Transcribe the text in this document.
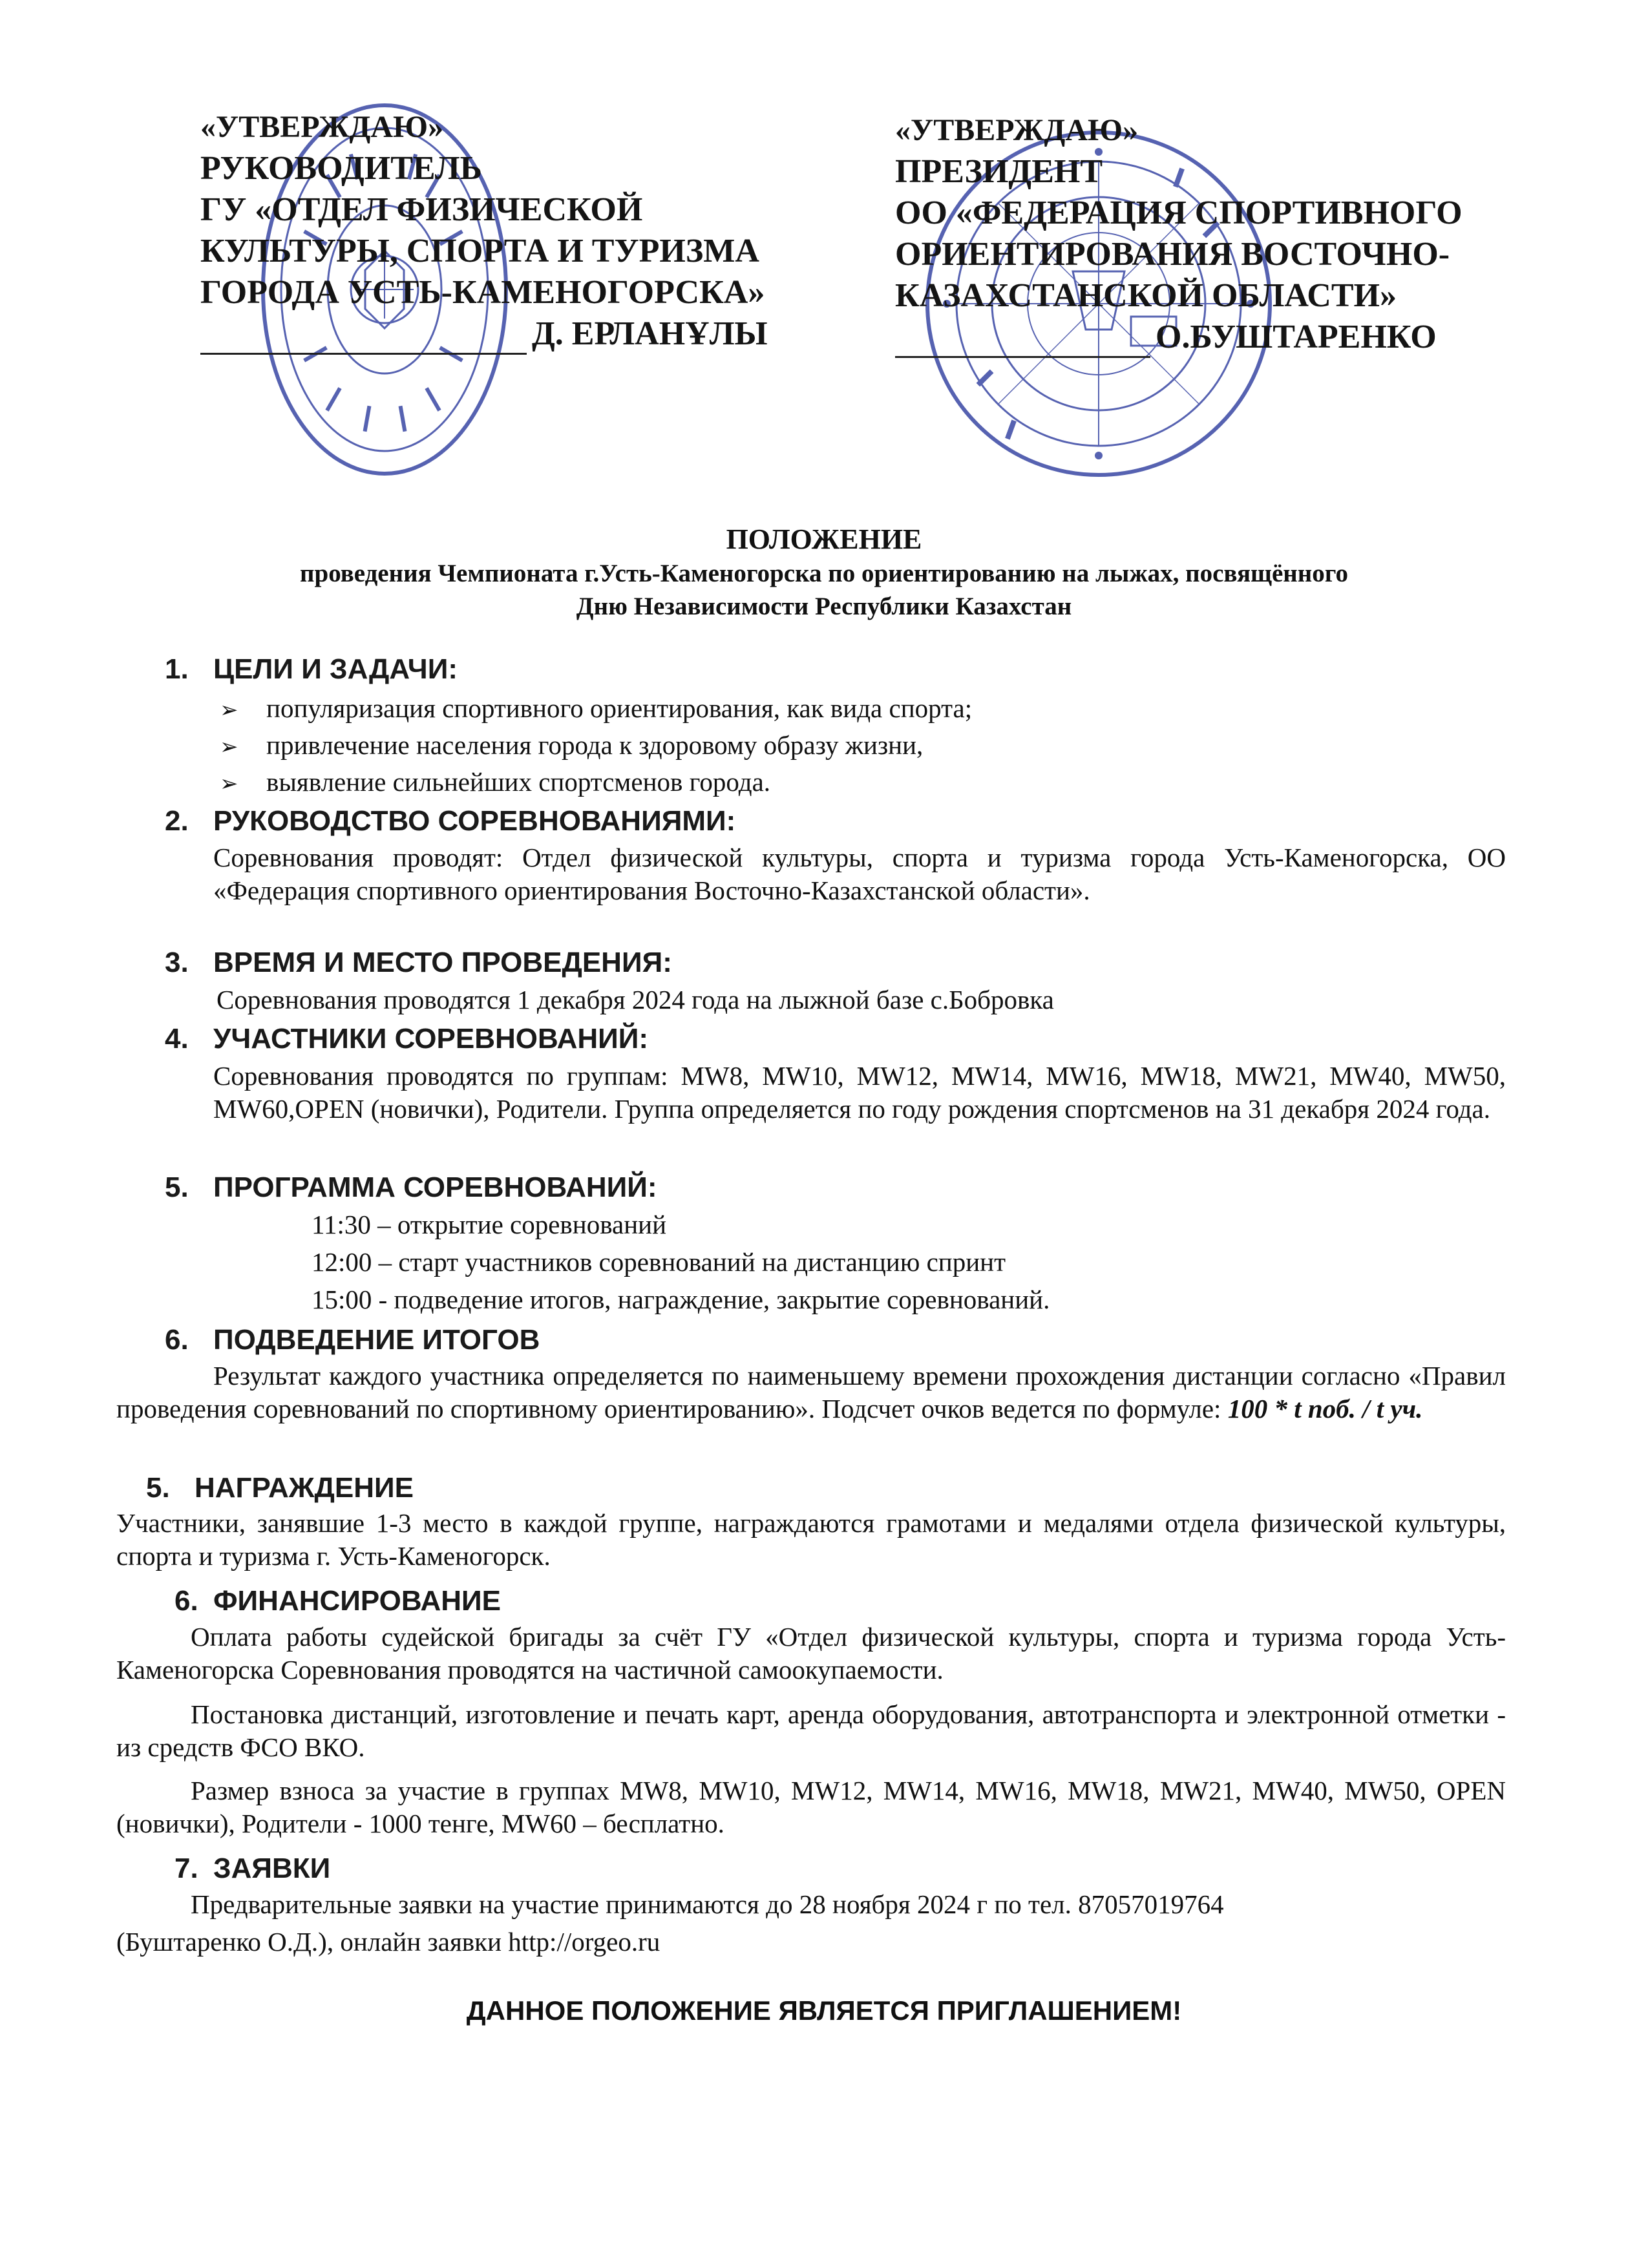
«УТВЕРЖДАЮ»
РУКОВОДИТЕЛЬ
ГУ «ОТДЕЛ ФИЗИЧЕСКОЙ
КУЛЬТУРЫ, СПОРТА И ТУРИЗМА
ГОРОДА УСТЬ-КАМЕНОГОРСКА»
Д. ЕРЛАНҰЛЫ
«УТВЕРЖДАЮ»
ПРЕЗИДЕНТ
ОО «ФЕДЕРАЦИЯ СПОРТИВНОГО
ОРИЕНТИРОВАНИЯ ВОСТОЧНО-
КАЗАХСТАНСКОЙ ОБЛАСТИ»
О.БУШТАРЕНКО
ПОЛОЖЕНИЕ
проведения Чемпионата г.Усть-Каменогорска по ориентированию на лыжах, посвящённого
Дню Независимости Республики Казахстан
1. ЦЕЛИ И ЗАДАЧИ:
➢ популяризация спортивного ориентирования, как вида спорта;
➢ привлечение населения города к здоровому образу жизни,
➢ выявление сильнейших спортсменов города.
2. РУКОВОДСТВО СОРЕВНОВАНИЯМИ:
Соревнования проводят: Отдел физической культуры, спорта и туризма города Усть-Каменогорска, ОО «Федерация спортивного ориентирования Восточно-Казахстанской области».
3. ВРЕМЯ И МЕСТО ПРОВЕДЕНИЯ:
Соревнования проводятся 1 декабря 2024 года на лыжной базе с.Бобровка
4. УЧАСТНИКИ СОРЕВНОВАНИЙ:
Соревнования проводятся по группам: MW8, MW10, MW12, MW14, MW16, MW18, MW21, MW40, MW50, MW60,OPEN (новички), Родители. Группа определяется по году рождения спортсменов на 31 декабря 2024 года.
5. ПРОГРАММА СОРЕВНОВАНИЙ:
11:30 – открытие соревнований
12:00 – старт участников соревнований на дистанцию спринт
15:00 - подведение итогов, награждение, закрытие соревнований.
6. ПОДВЕДЕНИЕ ИТОГОВ
Результат каждого участника определяется по наименьшему времени прохождения дистанции согласно «Правил проведения соревнований по спортивному ориентированию». Подсчет очков ведется по формуле: 100 * t поб. / t уч.
5. НАГРАЖДЕНИЕ
Участники, занявшие 1-3 место в каждой группе, награждаются грамотами и медалями отдела физической культуры, спорта и туризма г. Усть-Каменогорск.
6. ФИНАНСИРОВАНИЕ
Оплата работы судейской бригады за счёт ГУ «Отдел физической культуры, спорта и туризма города Усть-Каменогорска Соревнования проводятся на частичной самоокупаемости.
Постановка дистанций, изготовление и печать карт, аренда оборудования, автотранспорта и электронной отметки - из средств ФСО ВКО.
Размер взноса за участие в группах MW8, MW10, MW12, MW14, MW16, MW18, MW21, MW40, MW50, OPEN (новички), Родители - 1000 тенге, MW60 – бесплатно.
7. ЗАЯВКИ
Предварительные заявки на участие принимаются до 28 ноября 2024 г по тел. 87057019764
(Буштаренко О.Д.), онлайн заявки http://orgeo.ru
ДАННОЕ ПОЛОЖЕНИЕ ЯВЛЯЕТСЯ ПРИГЛАШЕНИЕМ!
